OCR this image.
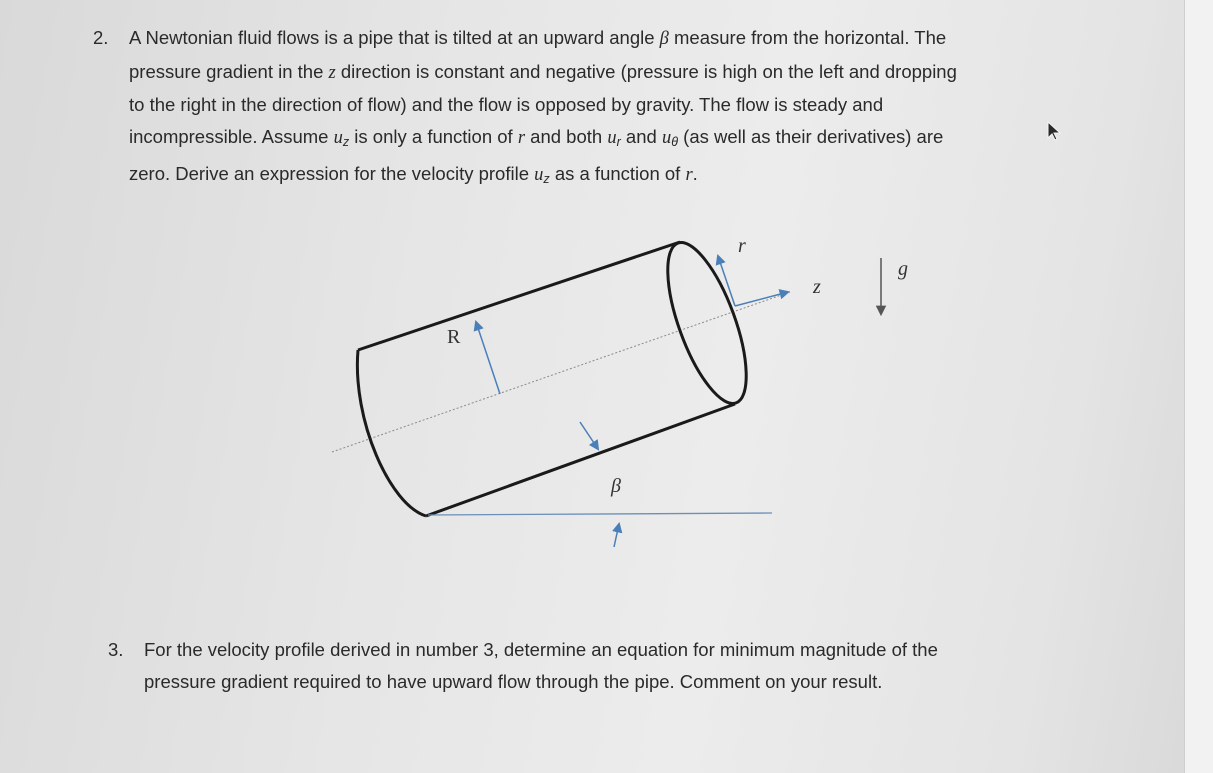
2. A Newtonian fluid flows is a pipe that is tilted at an upward angle β measure from the horizontal. The
pressure gradient in the z direction is constant and negative (pressure is high on the left and dropping
to the right in the direction of flow) and the flow is opposed by gravity. The flow is steady and
incompressible. Assume $u_z$ is only a function of r and both $u_r$ and $u_\theta$ (as well as their derivatives) are
zero. Derive an expression for the velocity profile $u_z$ as a function of r.
r
z
g
R
β
3. For the velocity profile derived in number 3, determine an equation for minimum magnitude of the
pressure gradient required to have upward flow through the pipe. Comment on your result.
